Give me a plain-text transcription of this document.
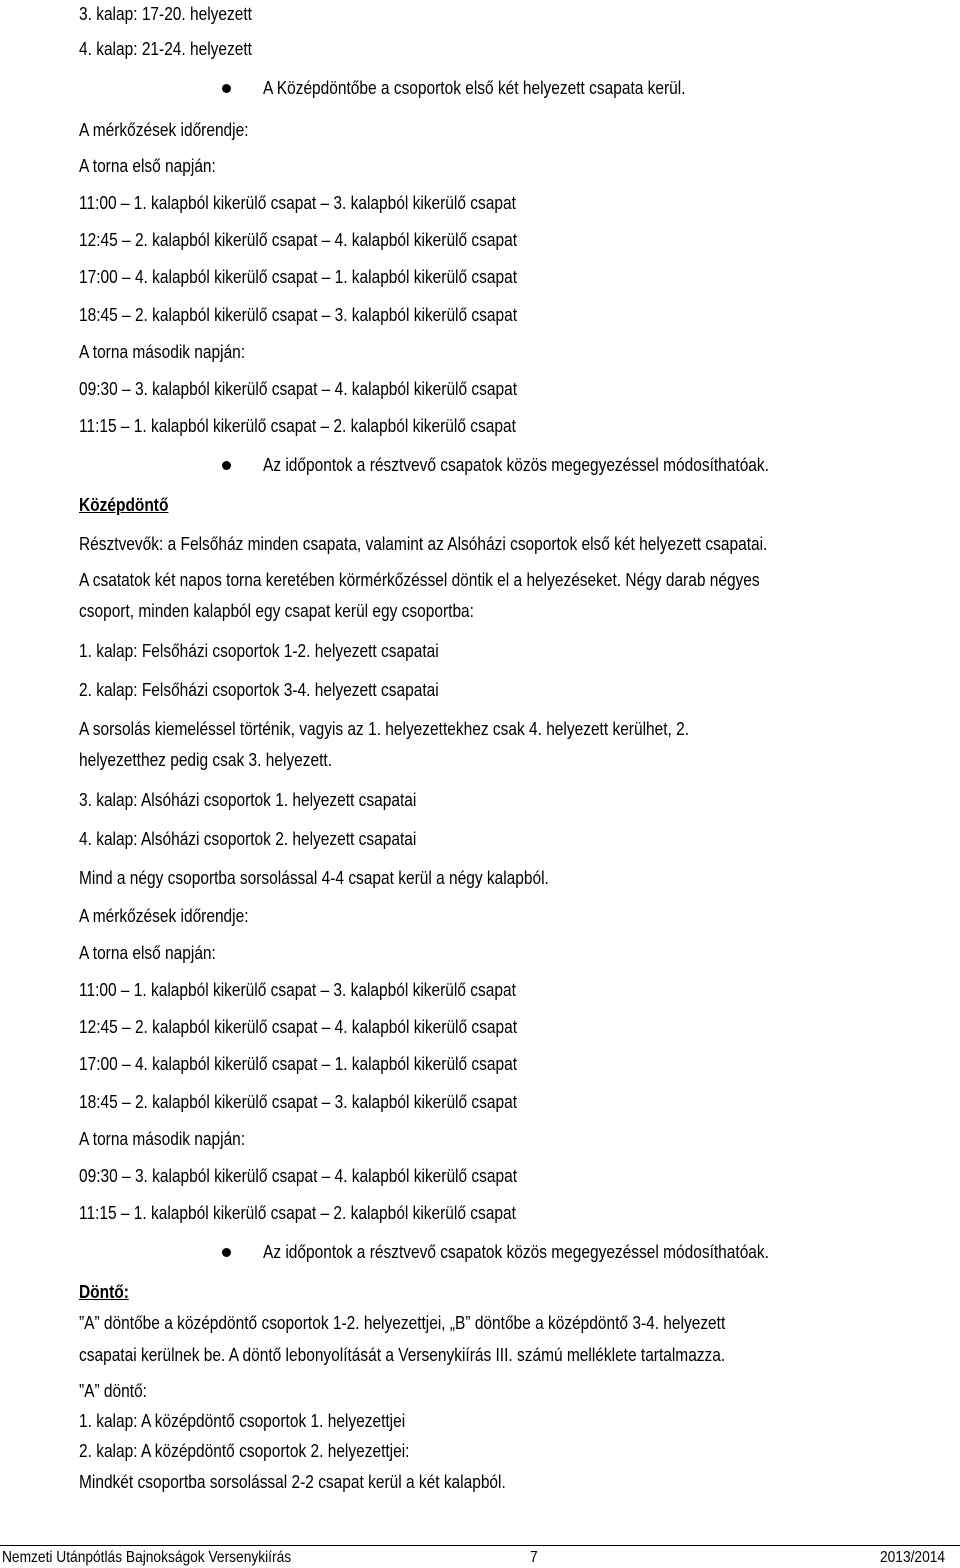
3. kalap: 17-20. helyezett
4. kalap: 21-24. helyezett
A Középdöntőbe a csoportok első két helyezett csapata kerül.
A mérkőzések időrendje:
A torna első napján:
11:00 – 1. kalapból kikerülő csapat – 3. kalapból kikerülő csapat
12:45 – 2. kalapból kikerülő csapat – 4. kalapból kikerülő csapat
17:00 – 4. kalapból kikerülő csapat – 1. kalapból kikerülő csapat
18:45 – 2. kalapból kikerülő csapat – 3. kalapból kikerülő csapat
A torna második napján:
09:30 – 3. kalapból kikerülő csapat – 4. kalapból kikerülő csapat
11:15 – 1. kalapból kikerülő csapat – 2. kalapból kikerülő csapat
Az időpontok a résztvevő csapatok közös megegyezéssel módosíthatóak.
Középdöntő
Résztvevők: a Felsőház minden csapata, valamint az Alsóházi csoportok első két helyezett csapatai.
A csatatok két napos torna keretében körmérkőzéssel döntik el a helyezéseket. Négy darab négyes
csoport, minden kalapból egy csapat kerül egy csoportba:
1. kalap: Felsőházi csoportok 1-2. helyezett csapatai
2. kalap: Felsőházi csoportok 3-4. helyezett csapatai
A sorsolás kiemeléssel történik, vagyis az 1. helyezettekhez csak 4. helyezett kerülhet, 2.
helyezetthez pedig csak 3. helyezett.
3. kalap: Alsóházi csoportok 1. helyezett csapatai
4. kalap: Alsóházi csoportok 2. helyezett csapatai
Mind a négy csoportba sorsolással 4-4 csapat kerül a négy kalapból.
A mérkőzések időrendje:
A torna első napján:
11:00 – 1. kalapból kikerülő csapat – 3. kalapból kikerülő csapat
12:45 – 2. kalapból kikerülő csapat – 4. kalapból kikerülő csapat
17:00 – 4. kalapból kikerülő csapat – 1. kalapból kikerülő csapat
18:45 – 2. kalapból kikerülő csapat – 3. kalapból kikerülő csapat
A torna második napján:
09:30 – 3. kalapból kikerülő csapat – 4. kalapból kikerülő csapat
11:15 – 1. kalapból kikerülő csapat – 2. kalapból kikerülő csapat
Az időpontok a résztvevő csapatok közös megegyezéssel módosíthatóak.
Döntő:
”A” döntőbe a középdöntő csoportok 1-2. helyezettjei, „B” döntőbe a középdöntő 3-4. helyezett
csapatai kerülnek be. A döntő lebonyolítását a Versenykiírás III. számú melléklete tartalmazza.
”A” döntő:
1. kalap: A középdöntő csoportok 1. helyezettjei
2. kalap: A középdöntő csoportok 2. helyezettjei:
Mindkét csoportba sorsolással 2-2 csapat kerül a két kalapból.
Nemzeti Utánpótlás Bajnokságok Versenykiírás	7	2013/2014
